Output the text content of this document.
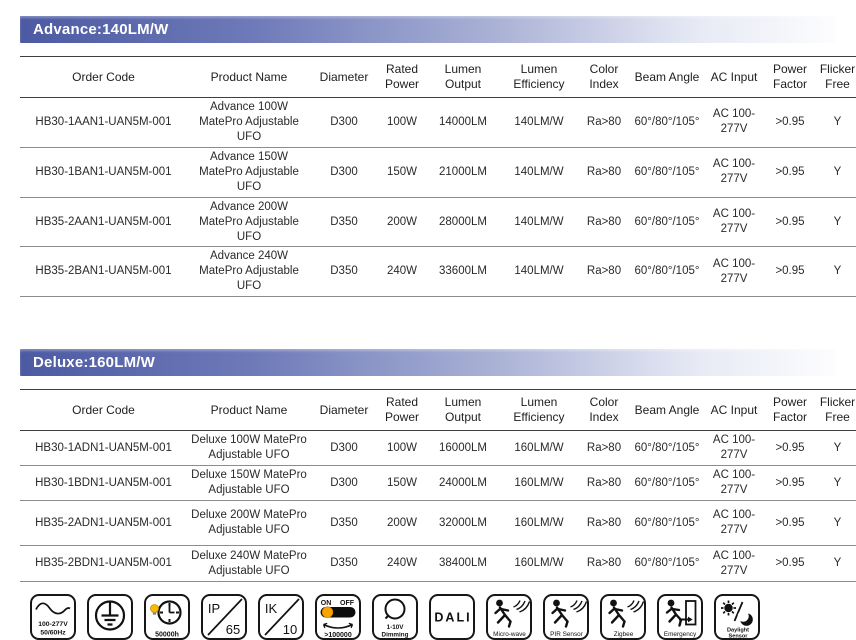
Advance:140LM/W
Order Code	Product Name	Diameter	Rated Power	Lumen Output	Lumen Efficiency	Color Index	Beam Angle	AC Input	Power Factor	Flicker Free
HB30-1AAN1-UAN5M-001	Advance 100W MatePro Adjustable UFO	D300	100W	14000LM	140LM/W	Ra>80	60°/80°/105°	AC 100-277V	>0.95	Y
HB30-1BAN1-UAN5M-001	Advance 150W MatePro Adjustable UFO	D300	150W	21000LM	140LM/W	Ra>80	60°/80°/105°	AC 100-277V	>0.95	Y
HB35-2AAN1-UAN5M-001	Advance 200W MatePro Adjustable UFO	D350	200W	28000LM	140LM/W	Ra>80	60°/80°/105°	AC 100-277V	>0.95	Y
HB35-2BAN1-UAN5M-001	Advance 240W MatePro Adjustable UFO	D350	240W	33600LM	140LM/W	Ra>80	60°/80°/105°	AC 100-277V	>0.95	Y
Deluxe:160LM/W
Order Code	Product Name	Diameter	Rated Power	Lumen Output	Lumen Efficiency	Color Index	Beam Angle	AC Input	Power Factor	Flicker Free
HB30-1ADN1-UAN5M-001	Deluxe 100W MatePro Adjustable UFO	D300	100W	16000LM	160LM/W	Ra>80	60°/80°/105°	AC 100-277V	>0.95	Y
HB30-1BDN1-UAN5M-001	Deluxe 150W MatePro Adjustable UFO	D300	150W	24000LM	160LM/W	Ra>80	60°/80°/105°	AC 100-277V	>0.95	Y
HB35-2ADN1-UAN5M-001	Deluxe 200W MatePro Adjustable UFO	D350	200W	32000LM	160LM/W	Ra>80	60°/80°/105°	AC 100-277V	>0.95	Y
HB35-2BDN1-UAN5M-001	Deluxe 240W MatePro Adjustable UFO	D350	240W	38400LM	160LM/W	Ra>80	60°/80°/105°	AC 100-277V	>0.95	Y
100-277V
50/60Hz	50000h
IP
65
IK
10
ON OFF
>100000
1-10V
Dimming
DALI
Micro-wave	PIR Sensor	Zigbee	Emergency
Daylight
Sensor
